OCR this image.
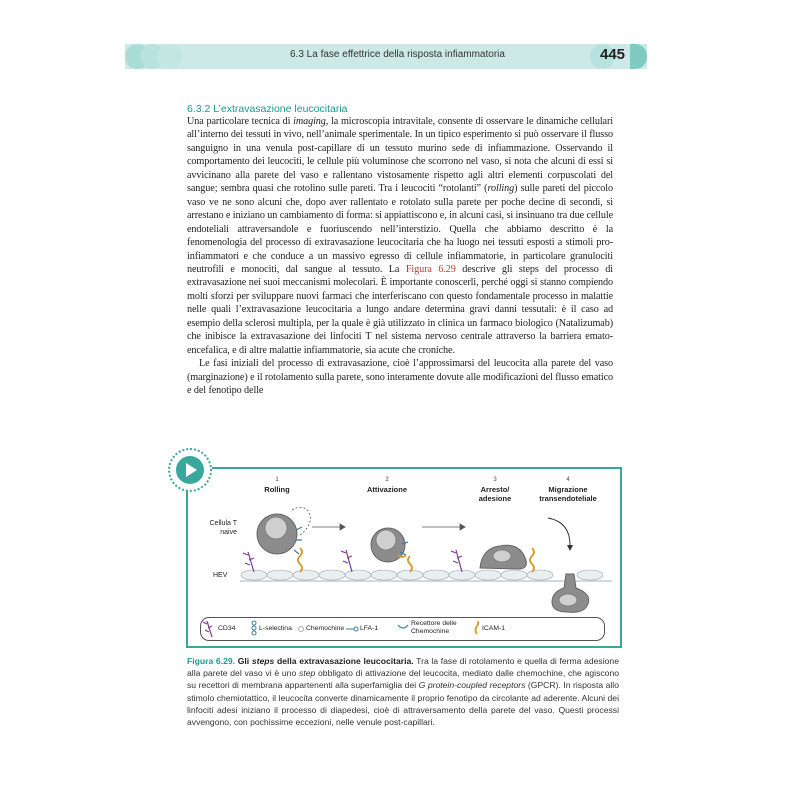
6.3 La fase effettrice della risposta infiammatoria	445
6.3.2 L’extravasazione leucocitaria

Una particolare tecnica di imaging, la microscopia intravitale, consente di osservare le dinamiche cellulari all’interno dei tessuti in vivo, nell’animale sperimentale. In un tipico esperimento si può osservare il flusso sanguigno in una venula post-capillare di un tessuto murino sede di infiammazione. Osservando il comportamento dei leucociti, le cellule più voluminose che scorrono nel vaso, si nota che alcuni di essi si avvicinano alla parete del vaso e rallentano vistosamente rispetto agli altri elementi corpuscolati del sangue; sembra quasi che rotolino sulle pareti. Tra i leucociti “rotolanti” (rolling) sulle pareti del piccolo vaso ve ne sono alcuni che, dopo aver rallentato e rotolato sulla parete per poche decine di secondi, si arrestano e iniziano un cambiamento di forma: si appiattiscono e, in alcuni casi, si insinuano tra due cellule endoteliali attraversandole e fuoriuscendo nell’interstizio. Quella che abbiamo descritto è la fenomenologia del processo di extravasazione leucocitaria che ha luogo nei tessuti esposti a stimoli pro-infiammatori e che conduce a un massivo egresso di cellule infiammatorie, in particolare granulociti neutrofili e monociti, dal sangue al tessuto. La Figura 6.29 descrive gli steps del processo di extravasazione nei suoi meccanismi molecolari. È importante conoscerli, perché oggi si stanno compiendo molti sforzi per sviluppare nuovi farmaci che interferiscano con questo fondamentale processo in malattie nelle quali l’extravasazione leucocitaria a lungo andare determina gravi danni tessutali: è il caso ad esempio della sclerosi multipla, per la quale è già utilizzato in clinica un farmaco biologico (Natalizumab) che inibisce la extravasazione dei linfociti T nel sistema nervoso centrale attraverso la barriera emato-encefalica, e di altre malattie infiammatorie, sia acute che croniche.

Le fasi iniziali del processo di extravasazione, cioè l’approssimarsi del leucocita alla parete del vaso (marginazione) e il rotolamento sulla parete, sono interamente dovute alle modificazioni del flusso ematico e del fenotipo delle

1
Rolling
2
Attivazione
3
Arresto/
adesione
4
Migrazione
transendoteliale
Cellula T
naive
HEV
CD34	L-selectina Chemochine LFA-1
Recettore delle
Chemochine	ICAM-1
Figura 6.29. Gli steps della extravasazione leucocitaria. Tra la fase di rotolamento e quella di ferma adesione alla parete del vaso vi è uno step obbligato di attivazione del leucocita, mediato dalle chemochine, che agiscono su recettori di membrana appartenenti alla superfamiglia dei G protein-coupled receptors (GPCR). In risposta allo stimolo chemiotattico, il leucocita converte dinamicamente il proprio fenotipo da circolante ad aderente. Alcuni dei linfociti adesi iniziano il processo di diapedesi, cioè di attraversamento della parete del vaso. Questi processi avvengono, con pochissime eccezioni, nelle venule post-capillari.
